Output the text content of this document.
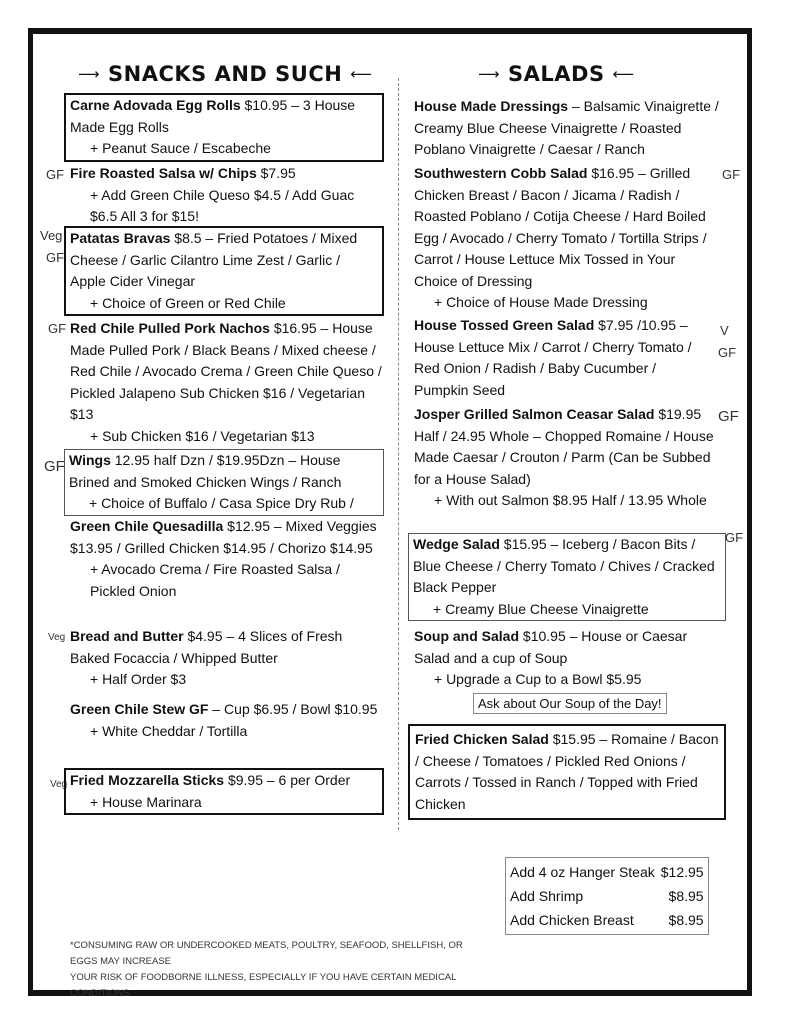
⟶ SNACKS AND SUCH ⟵	⟶ SALADS ⟵
Carne Adovada Egg Rolls $10.95 – 3 House Made Egg Rolls
+ Peanut Sauce / Escabeche
GF Fire Roasted Salsa w/ Chips $7.95
+ Add Green Chile Queso $4.5 / Add Guac $6.5 All 3 for $15!
Veg
GF
Patatas Bravas $8.5 – Fried Potatoes / Mixed Cheese / Garlic Cilantro Lime Zest / Garlic / Apple Cider Vinegar
+ Choice of Green or Red Chile
GF Red Chile Pulled Pork Nachos $16.95 – House Made Pulled Pork / Black Beans / Mixed cheese / Red Chile / Avocado Crema / Green Chile Queso / Pickled Jalapeno Sub Chicken $16 / Vegetarian $13
+ Sub Chicken $16 / Vegetarian $13
GF Wings 12.95 half Dzn / $19.95Dzn – House Brined and Smoked Chicken Wings / Ranch
+ Choice of Buffalo / Casa Spice Dry Rub /
Green Chile Quesadilla $12.95 – Mixed Veggies $13.95 / Grilled Chicken $14.95 / Chorizo $14.95
+ Avocado Crema / Fire Roasted Salsa / Pickled Onion
Veg Bread and Butter $4.95 – 4 Slices of Fresh Baked Focaccia / Whipped Butter
+ Half Order $3
Green Chile Stew GF – Cup $6.95 / Bowl $10.95
+ White Cheddar / Tortilla
Veg Fried Mozzarella Sticks $9.95 – 6 per Order
+ House Marinara
House Made Dressings – Balsamic Vinaigrette / Creamy Blue Cheese Vinaigrette / Roasted Poblano Vinaigrette / Caesar / Ranch
GF
Southwestern Cobb Salad $16.95 – Grilled Chicken Breast / Bacon / Jicama / Radish / Roasted Poblano / Cotija Cheese / Hard Boiled Egg / Avocado / Cherry Tomato / Tortilla Strips / Carrot / House Lettuce Mix Tossed in Your Choice of Dressing
+ Choice of House Made Dressing
V
GF
House Tossed Green Salad $7.95 /10.95 – House Lettuce Mix / Carrot / Cherry Tomato / Red Onion / Radish / Baby Cucumber / Pumpkin Seed
GF
Josper Grilled Salmon Ceasar Salad $19.95 Half / 24.95 Whole – Chopped Romaine / House Made Caesar / Crouton / Parm (Can be Subbed for a House Salad)
+ With out Salmon $8.95 Half / 13.95 Whole
GF
Wedge Salad $15.95 – Iceberg / Bacon Bits / Blue Cheese / Cherry Tomato / Chives / Cracked Black Pepper
+ Creamy Blue Cheese Vinaigrette
Soup and Salad $10.95 – House or Caesar Salad and a cup of Soup
+ Upgrade a Cup to a Bowl $5.95
Ask about Our Soup of the Day!
Fried Chicken Salad $15.95 – Romaine / Bacon / Cheese / Tomatoes / Pickled Red Onions / Carrots / Tossed in Ranch / Topped with Fried Chicken
Add 4 oz Hanger Steak $12.95
Add Shrimp	$8.95
Add Chicken Breast $8.95
*CONSUMING RAW OR UNDERCOOKED MEATS, POULTRY, SEAFOOD, SHELLFISH, OR EGGS MAY INCREASE
YOUR RISK OF FOODBORNE ILLNESS, ESPECIALLY IF YOU HAVE CERTAIN MEDICAL CONDITIONS.
